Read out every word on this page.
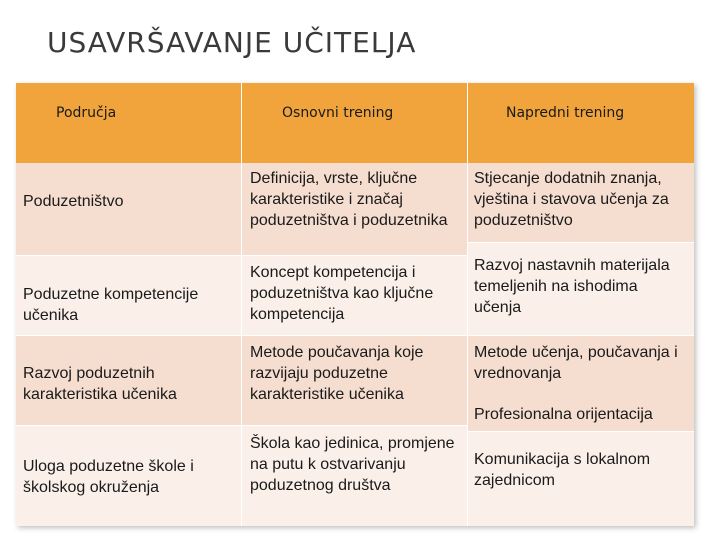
USAVRŠAVANJE UČITELJA
Područja	Osnovni trening	Napredni trening
Poduzetništvo
Poduzetne kompetencije učenika
Razvoj poduzetnih karakteristika učenika
Uloga poduzetne škole i školskog okruženja
Definicija, vrste, ključne karakteristike i značaj poduzetništva i poduzetnika
Koncept kompetencija i poduzetništva kao ključne kompetencija
Metode poučavanja koje razvijaju poduzetne karakteristike učenika
Škola kao jedinica, promjene na putu k ostvarivanju poduzetnog društva
Stjecanje dodatnih znanja, vještina i stavova učenja za poduzetništvo
Razvoj nastavnih materijala temeljenih na ishodima učenja
Metode učenja, poučavanja i vrednovanja
Profesionalna orijentacija
Komunikacija s lokalnom zajednicom
